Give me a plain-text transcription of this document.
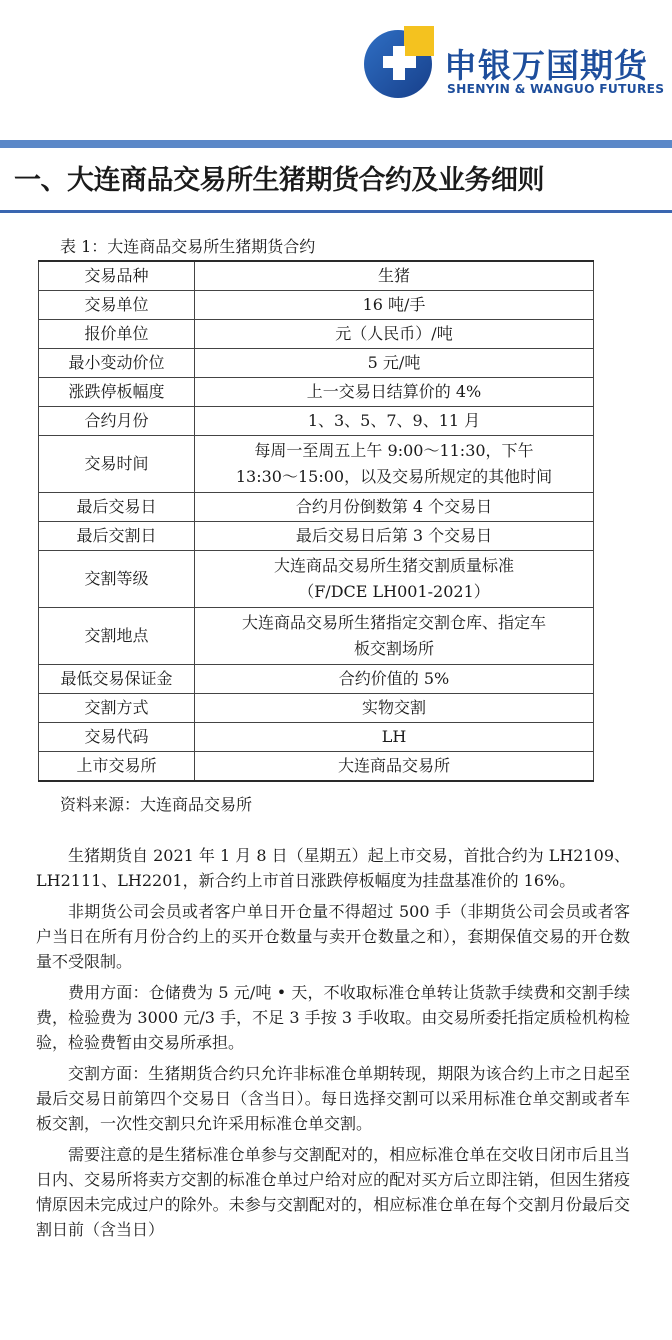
申银万国期货
SHENYIN & WANGUO FUTURES
一、大连商品交易所生猪期货合约及业务细则
表 1：大连商品交易所生猪期货合约
交易品种	生猪

交易单位	16 吨/手

报价单位	元（人民币）/吨

最小变动价位	5 元/吨

涨跌停板幅度	上一交易日结算价的 4%

合约月份	1、3、5、7、9、11 月

交易时间	每周一至周五上午 9:00～11:30，下午
13:30～15:00，以及交易所规定的其他时间

最后交易日	合约月份倒数第 4 个交易日

最后交割日	最后交易日后第 3 个交易日

交割等级	大连商品交易所生猪交割质量标准
（F/DCE LH001-2021）

交割地点	大连商品交易所生猪指定交割仓库、指定车
板交割场所

最低交易保证金	合约价值的 5%

交割方式	实物交割

交易代码	LH

上市交易所	大连商品交易所
资料来源：大连商品交易所

生猪期货自 2021 年 1 月 8 日（星期五）起上市交易，首批合约为 LH2109、LH2111、LH2201，新合约上市首日涨跌停板幅度为挂盘基准价的 16%。

非期货公司会员或者客户单日开仓量不得超过 500 手（非期货公司会员或者客户当日在所有月份合约上的买开仓数量与卖开仓数量之和），套期保值交易的开仓数量不受限制。

费用方面：仓储费为 5 元/吨 • 天，不收取标准仓单转让货款手续费和交割手续费，检验费为 3000 元/3 手，不足 3 手按 3 手收取。由交易所委托指定质检机构检验，检验费暂由交易所承担。

交割方面：生猪期货合约只允许非标准仓单期转现，期限为该合约上市之日起至最后交易日前第四个交易日（含当日）。每日选择交割可以采用标准仓单交割或者车板交割，一次性交割只允许采用标准仓单交割。

需要注意的是生猪标准仓单参与交割配对的，相应标准仓单在交收日闭市后且当日内、交易所将卖方交割的标准仓单过户给对应的配对买方后立即注销，但因生猪疫情原因未完成过户的除外。未参与交割配对的，相应标准仓单在每个交割月份最后交割日前（含当日）
